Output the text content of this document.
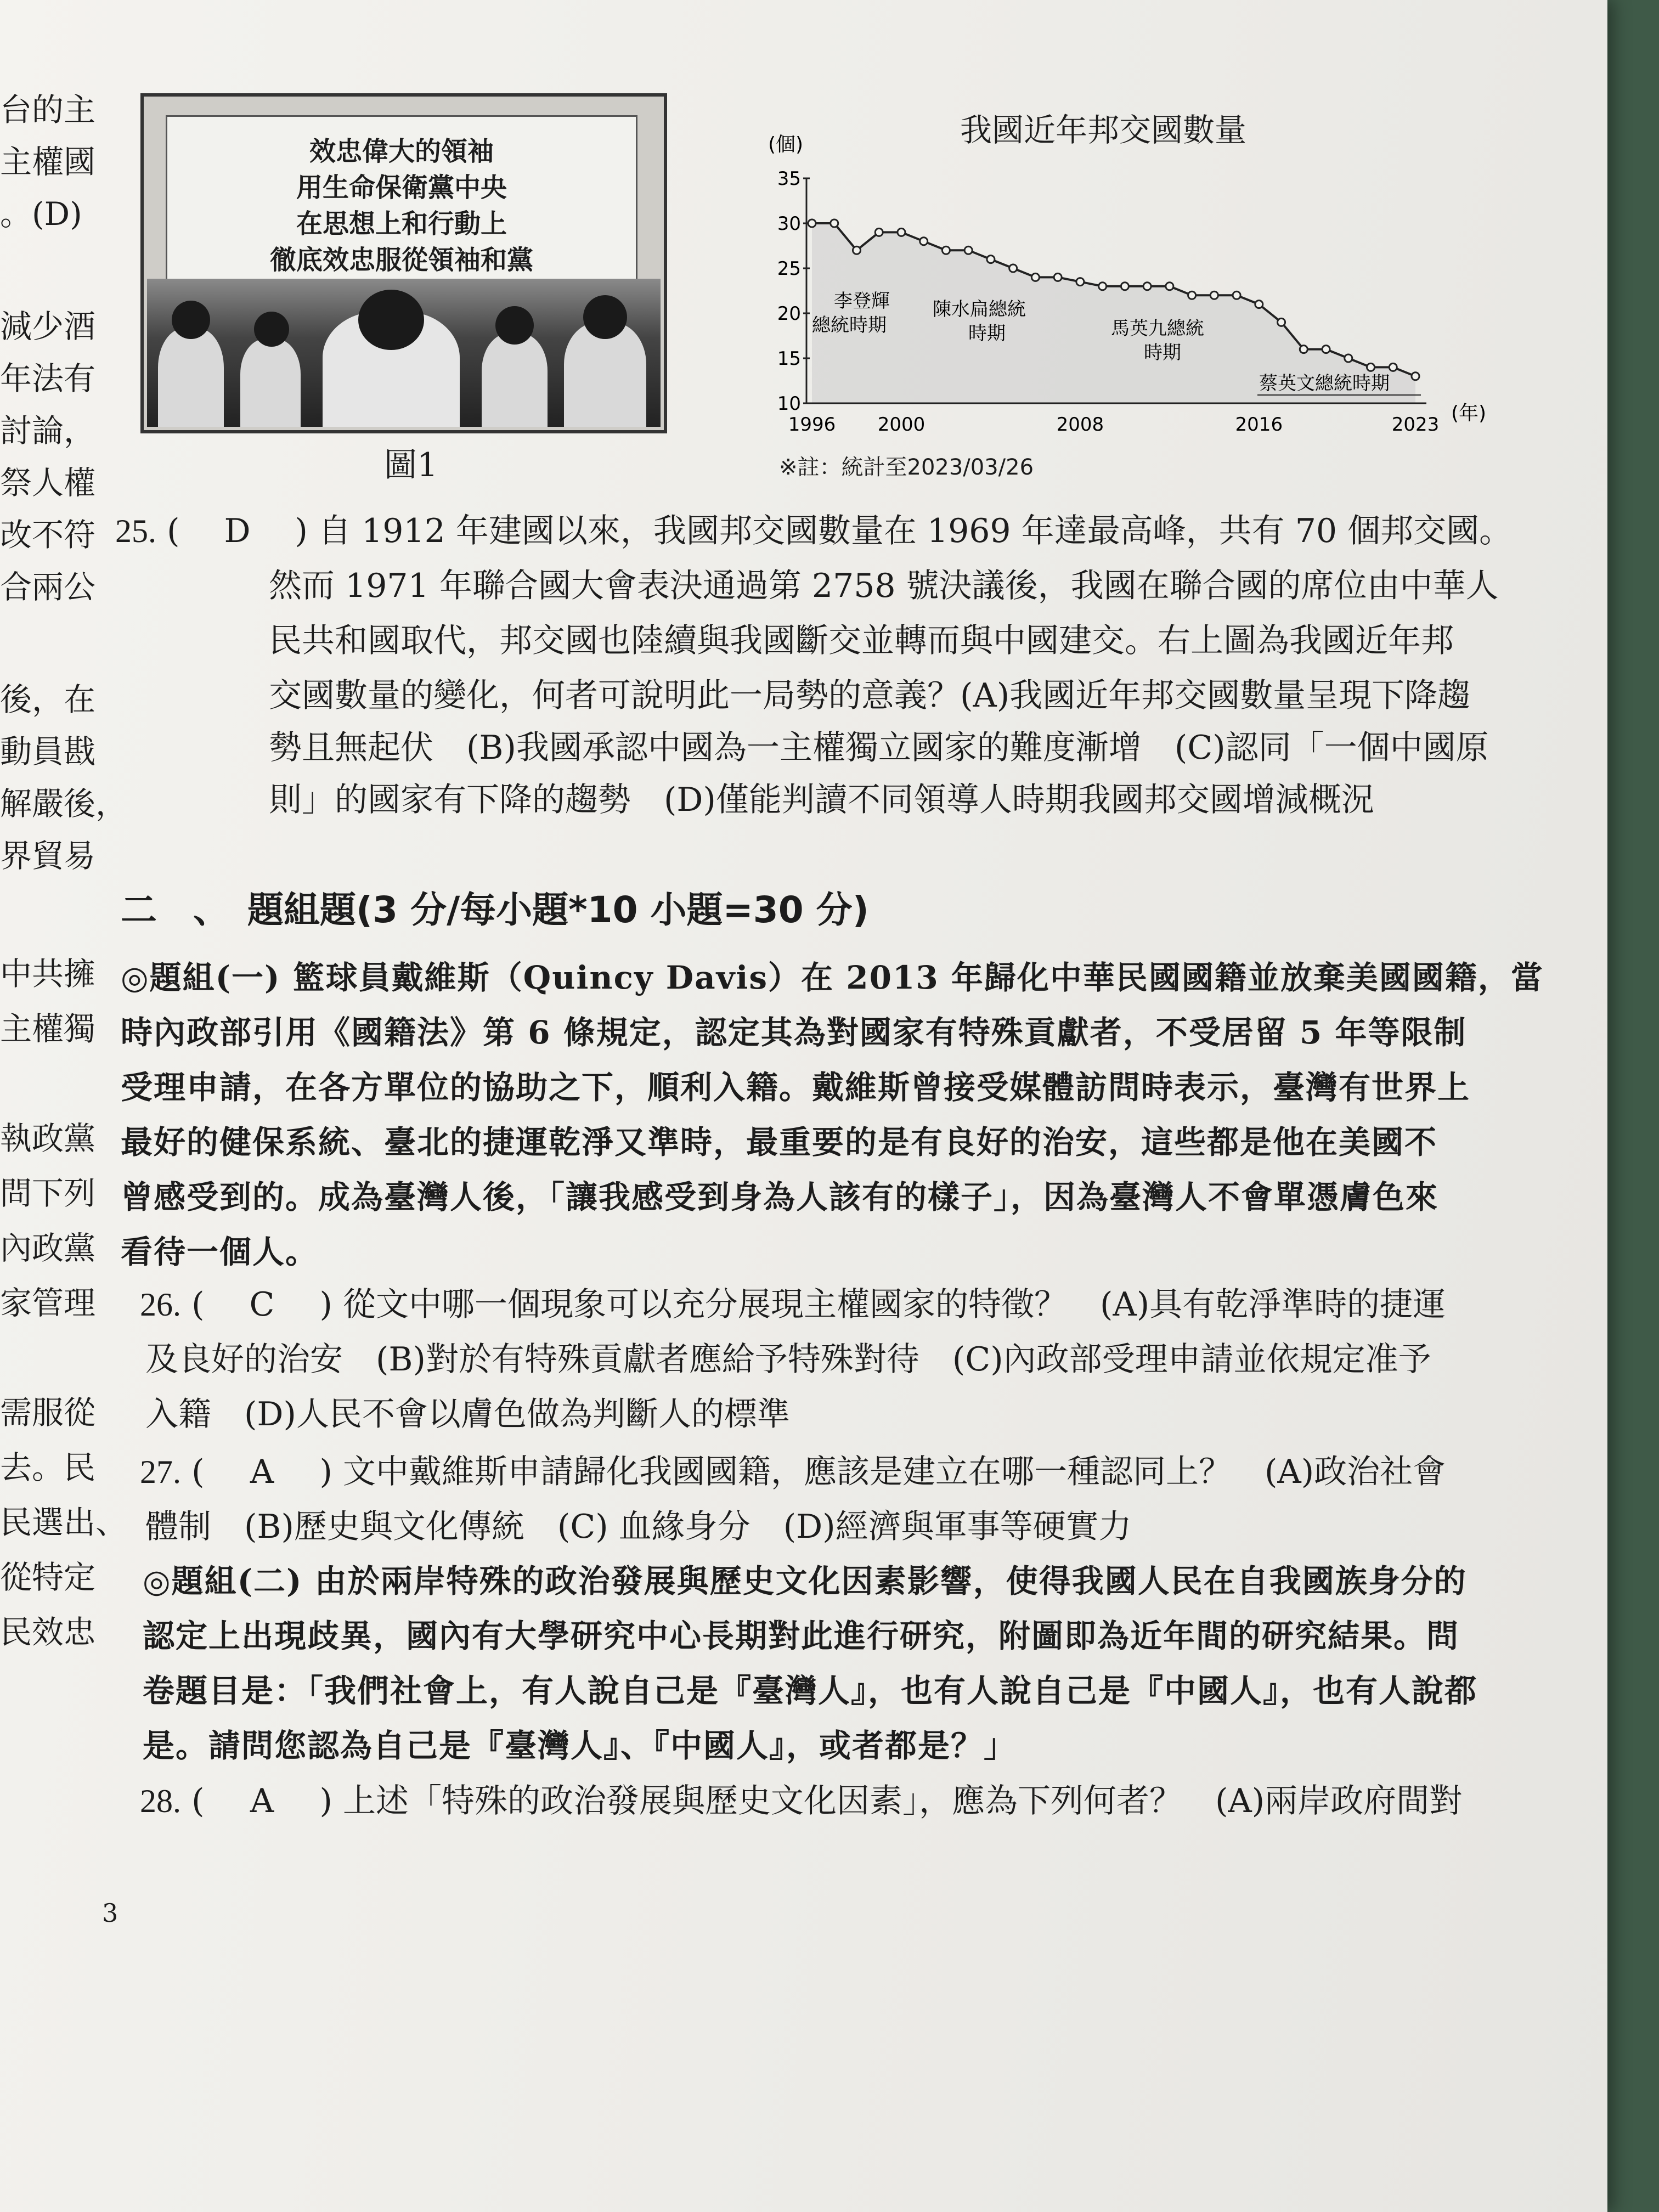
台的主
主權國
。(D)
減少酒
年法有
討論，
祭人權
改不符
合兩公
後，在
動員戡
解嚴後，
界貿易
中共擁
主權獨
執政黨
問下列
內政黨
家管理
需服從
去。民
民選出、
從特定
民效忠
效忠偉大的領袖
用生命保衛黨中央
在思想上和行動上
徹底效忠服從領袖和黨
圖1
我國近年邦交國數量
(個)
35
30
25
20
15
10
1996 2000	2008	2016	2023 (年)
李登輝總統時期
陳水扁總統時期	馬英九總統時期
蔡英文總統時期
※註：統計至2023/03/26
25. ( D ) 自 1912 年建國以來，我國邦交國數量在 1969 年達最高峰，共有 70 個邦交國。
然而 1971 年聯合國大會表決通過第 2758 號決議後，我國在聯合國的席位由中華人
民共和國取代，邦交國也陸續與我國斷交並轉而與中國建交。右上圖為我國近年邦
交國數量的變化，何者可說明此一局勢的意義？(A)我國近年邦交國數量呈現下降趨
勢且無起伏　(B)我國承認中國為一主權獨立國家的難度漸增　(C)認同「一個中國原
則」的國家有下降的趨勢　(D)僅能判讀不同領導人時期我國邦交國增減概況
二　、　題組題(3 分/每小題*10 小題=30 分)
◎題組(一) 籃球員戴維斯（Quincy Davis）在 2013 年歸化中華民國國籍並放棄美國國籍，當
時內政部引用《國籍法》第 6 條規定，認定其為對國家有特殊貢獻者，不受居留 5 年等限制
受理申請，在各方單位的協助之下，順利入籍。戴維斯曾接受媒體訪問時表示，臺灣有世界上
最好的健保系統、臺北的捷運乾淨又準時，最重要的是有良好的治安，這些都是他在美國不
曾感受到的。成為臺灣人後，「讓我感受到身為人該有的樣子」，因為臺灣人不會單憑膚色來
看待一個人。
26. ( C ) 從文中哪一個現象可以充分展現主權國家的特徵？　(A)具有乾淨準時的捷運
及良好的治安　(B)對於有特殊貢獻者應給予特殊對待　(C)內政部受理申請並依規定准予
入籍　(D)人民不會以膚色做為判斷人的標準
27. ( A ) 文中戴維斯申請歸化我國國籍，應該是建立在哪一種認同上？　(A)政治社會
體制　(B)歷史與文化傳統　(C) 血緣身分　(D)經濟與軍事等硬實力
◎題組(二) 由於兩岸特殊的政治發展與歷史文化因素影響，使得我國人民在自我國族身分的
認定上出現歧異，國內有大學研究中心長期對此進行研究，附圖即為近年間的研究結果。問
卷題目是：「我們社會上，有人說自己是『臺灣人』，也有人說自己是『中國人』，也有人說都
是。請問您認為自己是『臺灣人』、『中國人』，或者都是？」
28. ( A ) 上述「特殊的政治發展與歷史文化因素」，應為下列何者？　(A)兩岸政府間對
3
